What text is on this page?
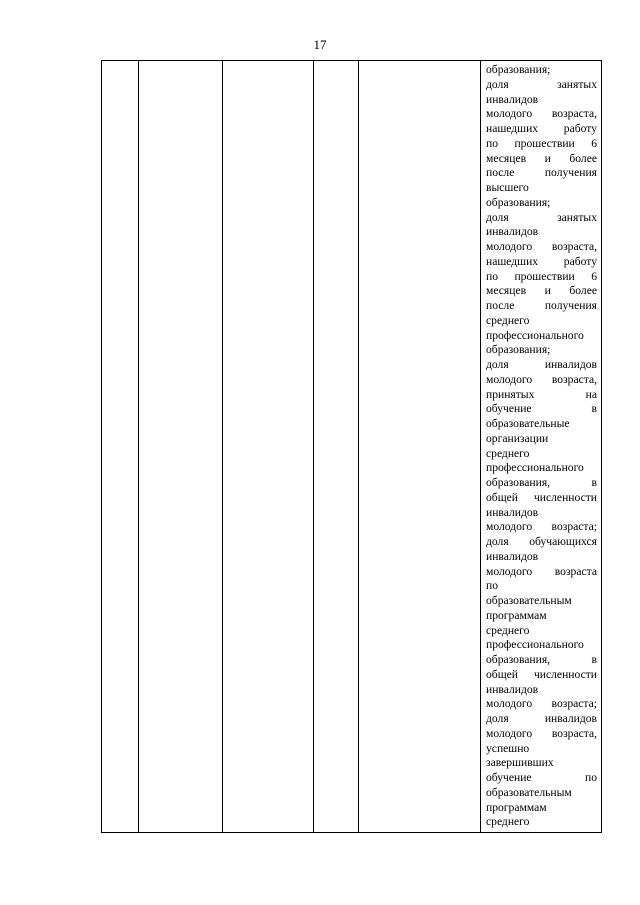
17

образования;
доля занятых
инвалидов
молодого возраста,
нашедших работу
по прошествии 6
месяцев и более
после получения
высшего
образования;
доля занятых
инвалидов
молодого возраста,
нашедших работу
по прошествии 6
месяцев и более
после получения
среднего
профессионального
образования;
доля инвалидов
молодого возраста,
принятых на
обучение в
образовательные
организации
среднего
профессионального
образования, в
общей численности
инвалидов
молодого возраста;
доля обучающихся
инвалидов
молодого возраста
по
образовательным
программам
среднего
профессионального
образования, в
общей численности
инвалидов
молодого возраста;
доля инвалидов
молодого возраста,
успешно
завершивших
обучение по
образовательным
программам
среднего
